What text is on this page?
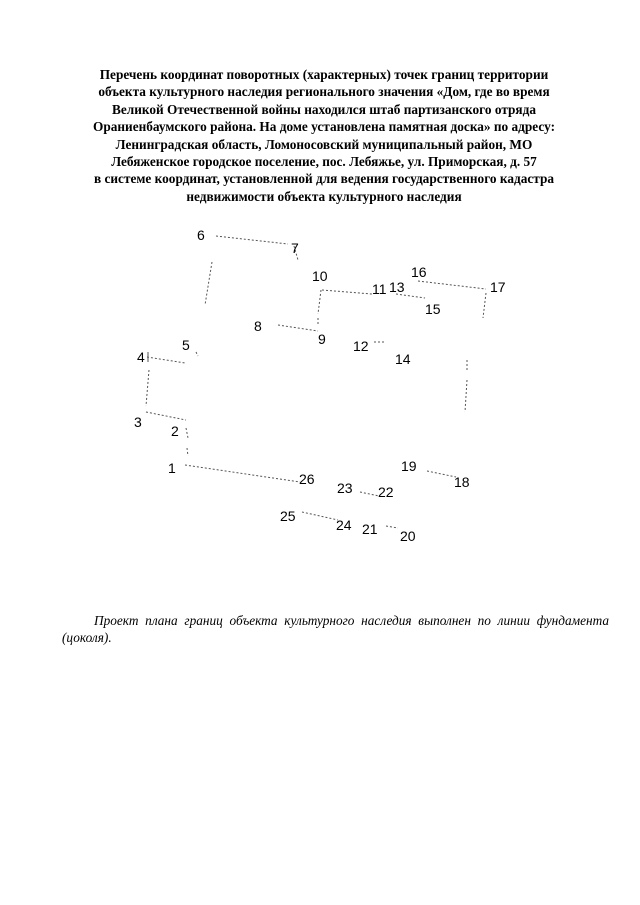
Перечень координат поворотных (характерных) точек границ территории
объекта культурного наследия регионального значения «Дом, где во время
Великой Отечественной войны находился штаб партизанского отряда
Ораниенбаумского района. На доме установлена памятная доска» по адресу:
Ленинградская область, Ломоносовский муниципальный район, МО
Лебяженское городское поселение, пос. Лебяжье, ул. Приморская, д. 57
в системе координат, установленной для ведения государственного кадастра
недвижимости объекта культурного наследия
1
2
3
4
5
6
7
8
9
10
11
12
13
14
15
16
17
18
19
20
21
22
23
24
25
26
Проект плана границ объекта культурного наследия выполнен по линии фундамента (цоколя).
